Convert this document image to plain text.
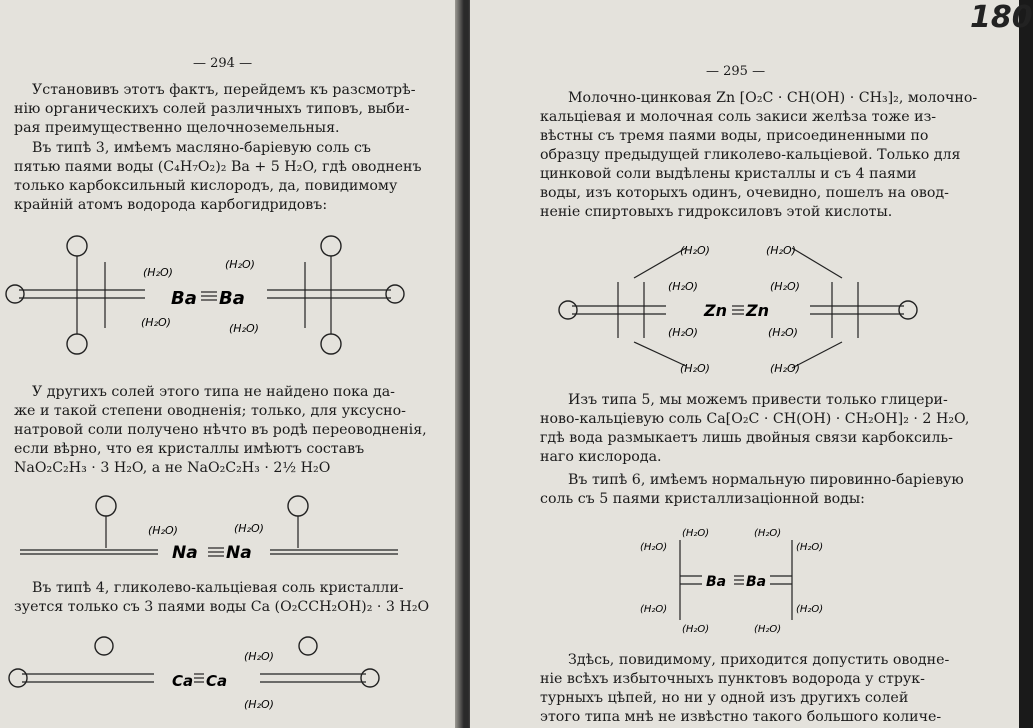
— 294 —
Установивъ этотъ фактъ, перейдемъ къ разсмотрѣ-
нію органическихъ солей различныхъ типовъ, выби-
рая преимущественно щелочноземельныя.
Въ типѣ 3, имѣемъ масляно-баріевую соль съ
пятью паями воды (C₄H₇O₂)₂ Ba + 5 H₂O, гдѣ оводненъ
только карбоксильный кислородъ, да, повидимому
крайній атомъ водорода карбогидридовъ:
Ba Ba
(H₂O)
(H₂O)
(H₂O)
(H₂O)
У другихъ солей этого типа не найдено пока да-
же и такой степени оводненія; только, для уксусно-
натровой соли получено нѣчто въ родѣ переоводненія,
если вѣрно, что ея кристаллы имѣютъ составъ
NaO₂C₂H₃ · 3 H₂O, а не NaO₂C₂H₃ · 2½ H₂O
Na Na
(H₂O)	(H₂O)
Въ типѣ 4, гликолево-кальціевая соль кристалли-
зуется только съ 3 паями воды Ca (O₂CCH₂OH)₂ · 3 H₂O
Ca Ca
(H₂O)
(H₂O)
— 295 —
Молочно-цинковая Zn [O₂C · CH(OH) · CH₃]₂, молочно-
кальціевая и молочная соль закиси желѣза тоже из-
вѣстны съ тремя паями воды, присоединенными по
образцу предыдущей гликолево-кальціевой. Только для
цинковой соли выдѣлены кристаллы и съ 4 паями
воды, изъ которыхъ одинъ, очевидно, пошелъ на овод-
неніе спиртовыхъ гидроксиловъ этой кислоты.
Zn Zn
(H₂O)
(H₂O)
(H₂O)
(H₂O)
(H₂O)
(H₂O)
(H₂O)
(H₂O)
Изъ типа 5, мы можемъ привести только глицери-
ново-кальціевую соль Ca[O₂C · CH(OH) · CH₂OH]₂ · 2 H₂O,
гдѣ вода размыкаетъ лишь двойныя связи карбоксиль-
наго кислорода.
Въ типѣ 6, имѣемъ нормальную пировинно-баріевую
соль съ 5 паями кристаллизаціонной воды:
Ba Ba
(H₂O)
(H₂O)
(H₂O)
(H₂O)
(H₂O)
(H₂O)
(H₂O)
(H₂O)
Здѣсь, повидимому, приходится допустить оводне-
ніе всѣхъ избыточныхъ пунктовъ водорода у струк-
турныхъ цѣпей, но ни у одной изъ другихъ солей
этого типа мнѣ не извѣстно такого большого количе-
180
